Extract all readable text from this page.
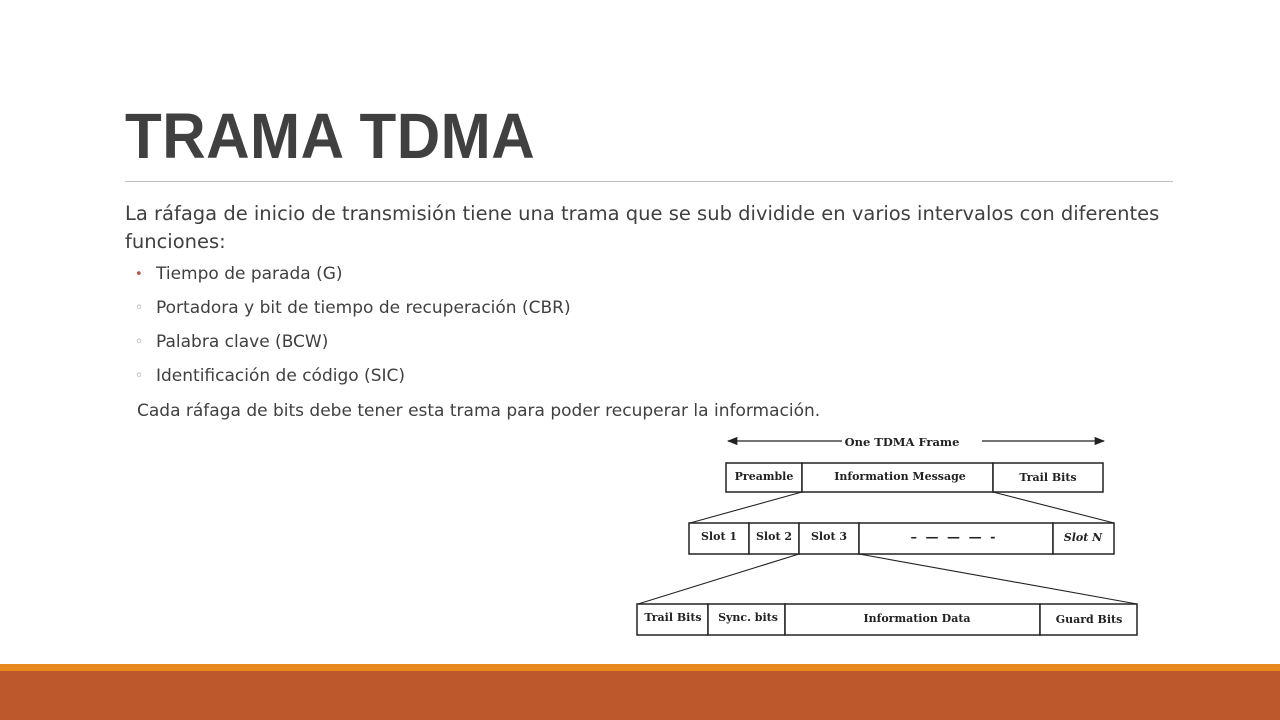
TRAMA TDMA
La ráfaga de inicio de transmisión tiene una trama que se sub dividide en varios intervalos con diferentes funciones:
• Tiempo de parada (G)
◦ Portadora y bit de tiempo de recuperación (CBR)
◦ Palabra clave (BCW)
◦ Identificación de código (SIC)
Cada ráfaga de bits debe tener esta trama para poder recuperar la información.
One TDMA Frame
Preamble	Information Message	Trail Bits
Slot 1 Slot 2 Slot 3	– — — — -	Slot N
Trail Bits Sync. bits	Information Data	Guard Bits
